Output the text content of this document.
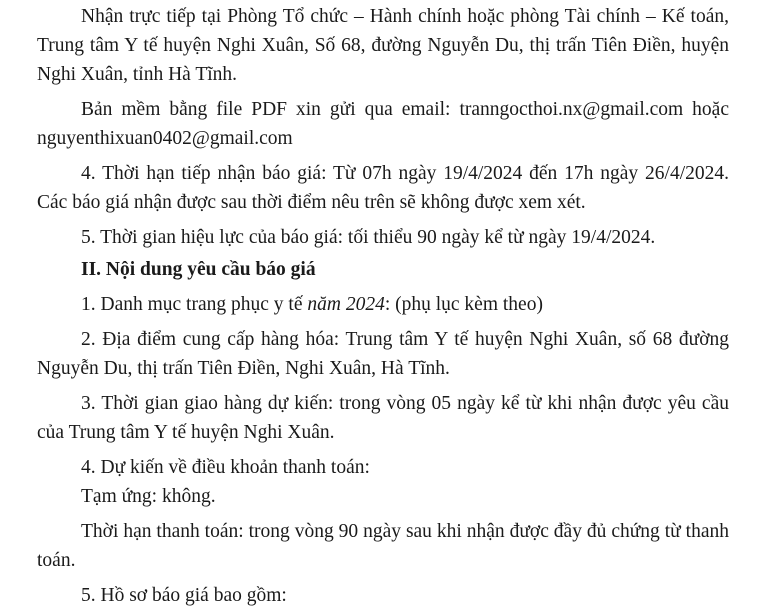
Nhận trực tiếp tại Phòng Tổ chức – Hành chính hoặc phòng Tài chính – Kế toán, Trung tâm Y tế huyện Nghi Xuân, Số 68, đường Nguyễn Du, thị trấn Tiên Điền, huyện Nghi Xuân, tỉnh Hà Tĩnh.

Bản mềm bằng file PDF xin gửi qua email: tranngocthoi.nx@gmail.com hoặc nguyenthixuan0402@gmail.com

4. Thời hạn tiếp nhận báo giá: Từ 07h ngày 19/4/2024 đến 17h ngày 26/4/2024. Các báo giá nhận được sau thời điểm nêu trên sẽ không được xem xét.

5. Thời gian hiệu lực của báo giá: tối thiểu 90 ngày kể từ ngày 19/4/2024.

II. Nội dung yêu cầu báo giá

1. Danh mục trang phục y tế năm 2024: (phụ lục kèm theo)

2. Địa điểm cung cấp hàng hóa: Trung tâm Y tế huyện Nghi Xuân, số 68 đường Nguyễn Du, thị trấn Tiên Điền, Nghi Xuân, Hà Tĩnh.

3. Thời gian giao hàng dự kiến: trong vòng 05 ngày kể từ khi nhận được yêu cầu của Trung tâm Y tế huyện Nghi Xuân.

4. Dự kiến về điều khoản thanh toán:

Tạm ứng: không.

Thời hạn thanh toán: trong vòng 90 ngày sau khi nhận được đầy đủ chứng từ thanh toán.

5. Hồ sơ báo giá bao gồm:
